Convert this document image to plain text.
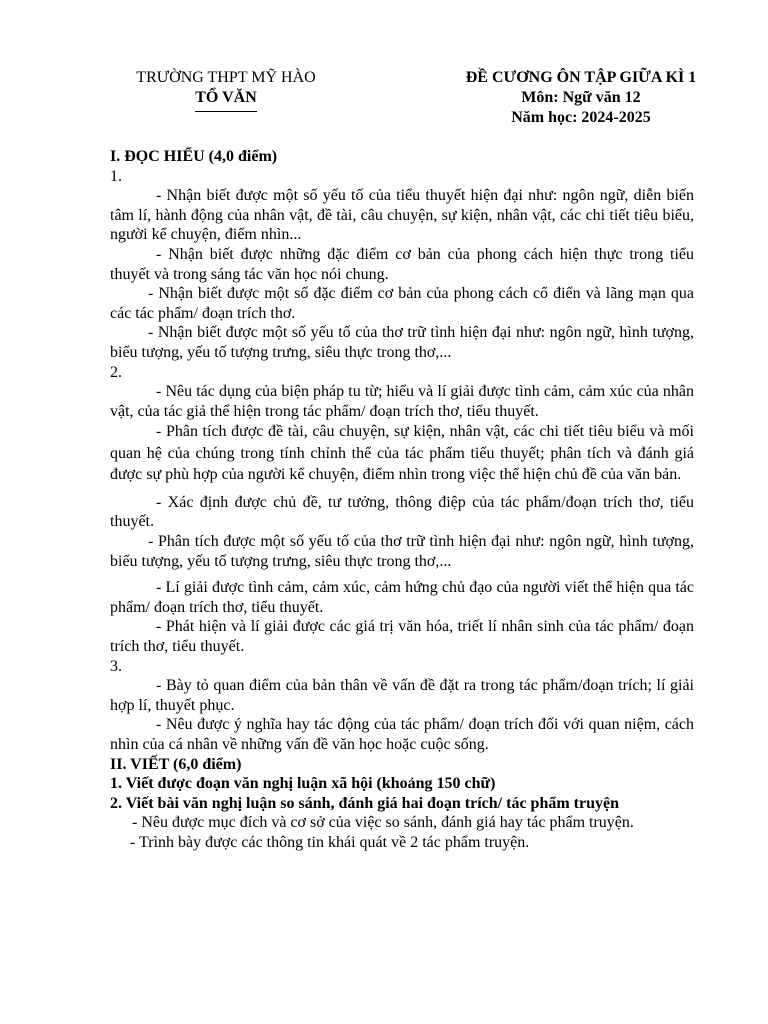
TRƯỜNG THPT MỸ HÀO
TỔ VĂN
ĐỀ CƯƠNG ÔN TẬP GIỮA KÌ 1
Môn: Ngữ văn 12
Năm học: 2024-2025

I. ĐỌC HIỂU (4,0 điểm)

1.

- Nhận biết được một số yếu tố của tiểu thuyết hiện đại như: ngôn ngữ, diễn biến tâm lí, hành động của nhân vật, đề tài, câu chuyện, sự kiện, nhân vật, các chi tiết tiêu biểu, người kể chuyện, điểm nhìn...

- Nhận biết được những đặc điểm cơ bản của phong cách hiện thực trong tiểu thuyết và trong sáng tác văn học nói chung.

- Nhận biết được một số đặc điểm cơ bản của phong cách cổ điển và lãng mạn qua các tác phẩm/ đoạn trích thơ.

- Nhận biết được một số yếu tố của thơ trữ tình hiện đại như: ngôn ngữ, hình tượng, biểu tượng, yếu tố tượng trưng, siêu thực trong thơ,...

2.

- Nêu tác dụng của biện pháp tu từ; hiểu và lí giải được tình cảm, cảm xúc của nhân vật, của tác giả thể hiện trong tác phẩm/ đoạn trích thơ, tiểu thuyết.

- Phân tích được đề tài, câu chuyện, sự kiện, nhân vật, các chi tiết tiêu biểu và mối quan hệ của chúng trong tính chỉnh thể của tác phẩm tiểu thuyết; phân tích và đánh giá được sự phù hợp của người kể chuyện, điểm nhìn trong việc thể hiện chủ đề của văn bản.

- Xác định được chủ đề, tư tưởng, thông điệp của tác phẩm/đoạn trích thơ, tiểu thuyết.

- Phân tích được một số yếu tố của thơ trữ tình hiện đại như: ngôn ngữ, hình tượng, biểu tượng, yếu tố tượng trưng, siêu thực trong thơ,...

- Lí giải được tình cảm, cảm xúc, cảm hứng chủ đạo của người viết thể hiện qua tác phẩm/ đoạn trích thơ, tiểu thuyết.

- Phát hiện và lí giải được các giá trị văn hóa, triết lí nhân sinh của tác phẩm/ đoạn trích thơ, tiểu thuyết.

3.

- Bày tỏ quan điểm của bản thân về vấn đề đặt ra trong tác phẩm/đoạn trích; lí giải hợp lí, thuyết phục.

- Nêu được ý nghĩa hay tác động của tác phẩm/ đoạn trích đối với quan niệm, cách nhìn của cá nhân về những vấn đề văn học hoặc cuộc sống.

II. VIẾT (6,0 điểm)

1. Viết được đoạn văn nghị luận xã hội (khoảng 150 chữ)

2. Viết bài văn nghị luận so sánh, đánh giá hai đoạn trích/ tác phẩm truyện

- Nêu được mục đích và cơ sở của việc so sánh, đánh giá hay tác phẩm truyện.

- Trình bày được các thông tin khái quát về 2 tác phẩm truyện.
